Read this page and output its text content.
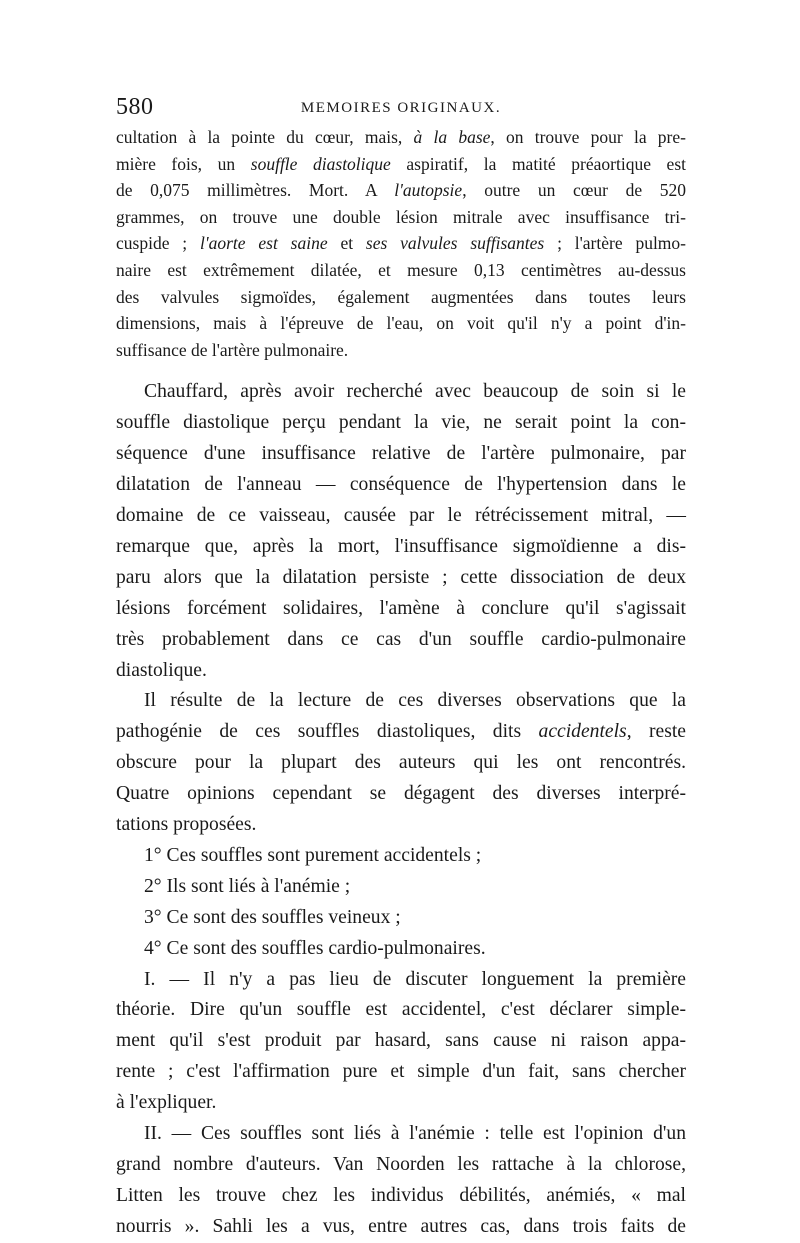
580	MEMOIRES ORIGINAUX.
cultation à la pointe du cœur, mais, à la base, on trouve pour la pre-
mière fois, un souffle diastolique aspiratif, la matité préaortique est
de 0,075 millimètres. Mort. A l'autopsie, outre un cœur de 520
grammes, on trouve une double lésion mitrale avec insuffisance tri-
cuspide ; l'aorte est saine et ses valvules suffisantes ; l'artère pulmo-
naire est extrêmement dilatée, et mesure 0,13 centimètres au-dessus
des valvules sigmoïdes, également augmentées dans toutes leurs
dimensions, mais à l'épreuve de l'eau, on voit qu'il n'y a point d'in-
suffisance de l'artère pulmonaire.
Chauffard, après avoir recherché avec beaucoup de soin si le
souffle diastolique perçu pendant la vie, ne serait point la con-
séquence d'une insuffisance relative de l'artère pulmonaire, par
dilatation de l'anneau — conséquence de l'hypertension dans le
domaine de ce vaisseau, causée par le rétrécissement mitral, —
remarque que, après la mort, l'insuffisance sigmoïdienne a dis-
paru alors que la dilatation persiste ; cette dissociation de deux
lésions forcément solidaires, l'amène à conclure qu'il s'agissait
très probablement dans ce cas d'un souffle cardio-pulmonaire
diastolique.
Il résulte de la lecture de ces diverses observations que la
pathogénie de ces souffles diastoliques, dits accidentels, reste
obscure pour la plupart des auteurs qui les ont rencontrés.
Quatre opinions cependant se dégagent des diverses interpré-
tations proposées.
1° Ces souffles sont purement accidentels ;
2° Ils sont liés à l'anémie ;
3° Ce sont des souffles veineux ;
4° Ce sont des souffles cardio-pulmonaires.
I. — Il n'y a pas lieu de discuter longuement la première
théorie. Dire qu'un souffle est accidentel, c'est déclarer simple-
ment qu'il s'est produit par hasard, sans cause ni raison appa-
rente ; c'est l'affirmation pure et simple d'un fait, sans chercher
à l'expliquer.
II. — Ces souffles sont liés à l'anémie : telle est l'opinion d'un
grand nombre d'auteurs. Van Noorden les rattache à la chlorose,
Litten les trouve chez les individus débilités, anémiés, « mal
nourris ». Sahli les a vus, entre autres cas, dans trois faits de
